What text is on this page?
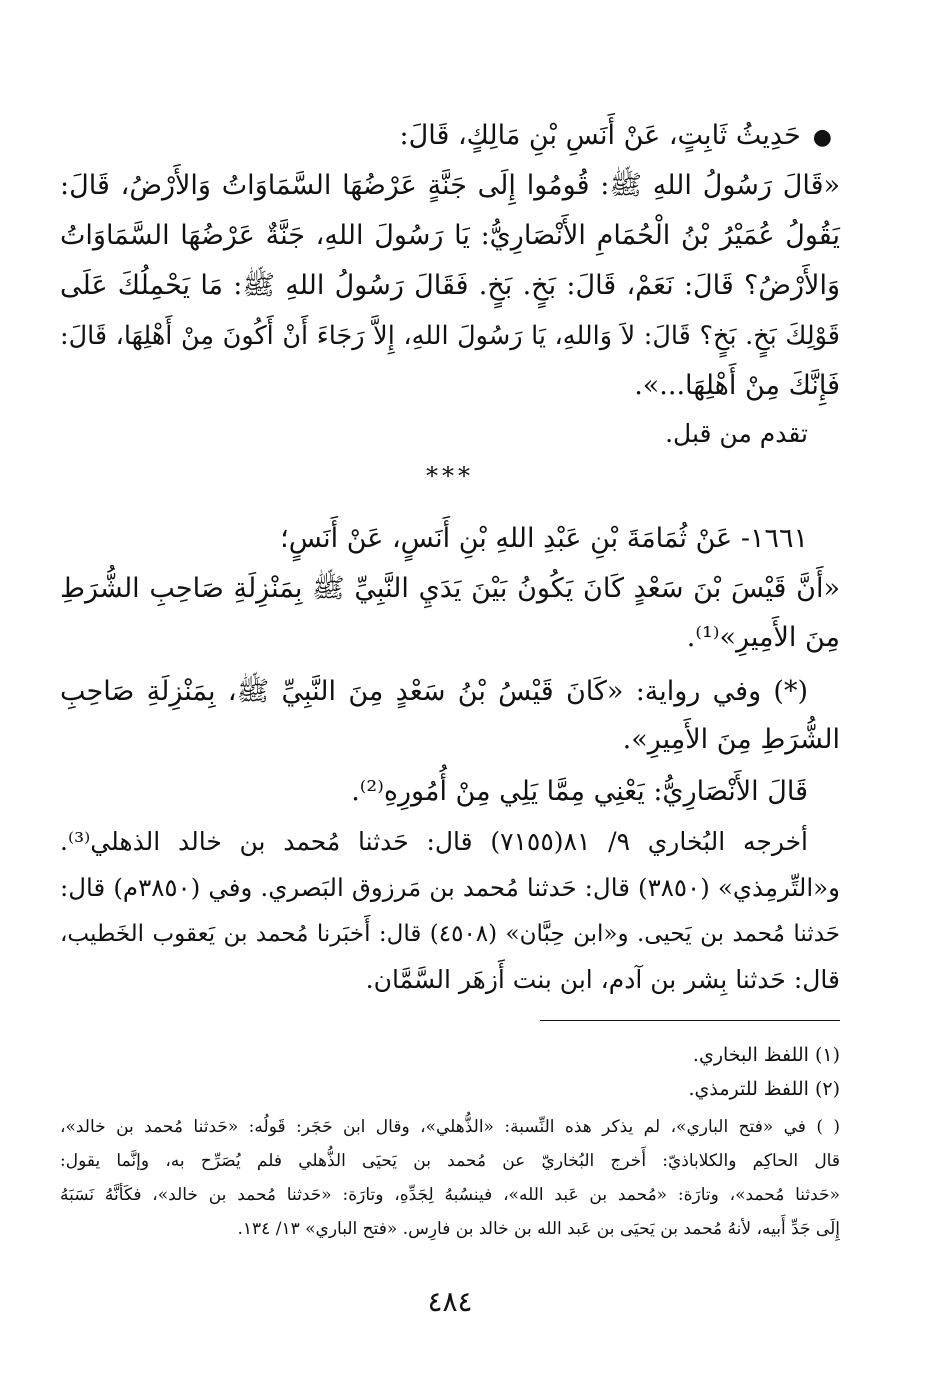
●حَدِيثُ ثَابِتٍ، عَنْ أَنَسِ بْنِ مَالِكٍ، قَالَ:
«قَالَ رَسُولُ اللهِ ﷺ: قُومُوا إِلَى جَنَّةٍ عَرْضُهَا السَّمَاوَاتُ وَالأَرْضُ، قَالَ:
يَقُولُ عُمَيْرُ بْنُ الْحُمَامِ الأَنْصَارِيُّ: يَا رَسُولَ اللهِ، جَنَّةٌ عَرْضُهَا السَّمَاوَاتُ
وَالأَرْضُ؟ قَالَ: نَعَمْ، قَالَ: بَخٍ. بَخٍ. فَقَالَ رَسُولُ اللهِ ﷺ: مَا يَحْمِلُكَ عَلَى
قَوْلِكَ بَخٍ. بَخٍ؟ قَالَ: لاَ وَاللهِ، يَا رَسُولَ اللهِ، إِلاَّ رَجَاءَ أَنْ أَكُونَ مِنْ أَهْلِهَا، قَالَ:
فَإِنَّكَ مِنْ أَهْلِهَا...».
تقدم من قبل.
***
١٦٦١- عَنْ ثُمَامَةَ بْنِ عَبْدِ اللهِ بْنِ أَنَسٍ، عَنْ أَنَسٍ؛
«أَنَّ قَيْسَ بْنَ سَعْدٍ كَانَ يَكُونُ بَيْنَ يَدَيِ النَّبِيِّ ﷺ بِمَنْزِلَةِ صَاحِبِ الشُّرَطِ
مِنَ الأَمِيرِ»⁽¹⁾.
(*) وفي رواية: «كَانَ قَيْسُ بْنُ سَعْدٍ مِنَ النَّبِيِّ ﷺ، بِمَنْزِلَةِ صَاحِبِ
الشُّرَطِ مِنَ الأَمِيرِ».
قَالَ الأَنْصَارِيُّ: يَعْنِي مِمَّا يَلِي مِنْ أُمُورِهِ⁽²⁾.
أخرجه البُخاري ٩/ ٨١(٧١٥٥) قال: حَدثنا مُحمد بن خالد الذهلي⁽³⁾.
و«التِّرمِذي» (٣٨٥٠) قال: حَدثنا مُحمد بن مَرزوق البَصري. وفي (٣٨٥٠م) قال:
حَدثنا مُحمد بن يَحيى. و«ابن حِبَّان» (٤٥٠٨) قال: أَخبَرنا مُحمد بن يَعقوب الخَطيب،
قال: حَدثنا بِشر بن آدم، ابن بنت أَزهَر السَّمَّان.
(١) اللفظ البخاري.
(٢) اللفظ للترمذي.
( ) في «فتح الباري»، لم يذكر هذه النِّسبة: «الذُّهلي»، وقال ابن حَجَر: قَولُه: «حَدثنا مُحمد بن خالد»،
قال الحاكِم والكلاباذيّ: أَخرج البُخاريّ عن مُحمد بن يَحيَى الذُّهلي فلم يُصَرِّح به، وإنَّما يقول:
«حَدثنا مُحمد»، وتارَة: «مُحمد بن عَبد الله»، فينسُبهُ لِجَدِّهِ، وتارَة: «حَدثنا مُحمد بن خالد»، فكَأنَّهُ نَسَبَهُ
إِلَى جَدِّ أَبيه، لأنهُ مُحمد بن يَحيَى بن عَبد الله بن خالد بن فارِس. «فتح الباري» ١٣/ ١٣٤.
٤٨٤
